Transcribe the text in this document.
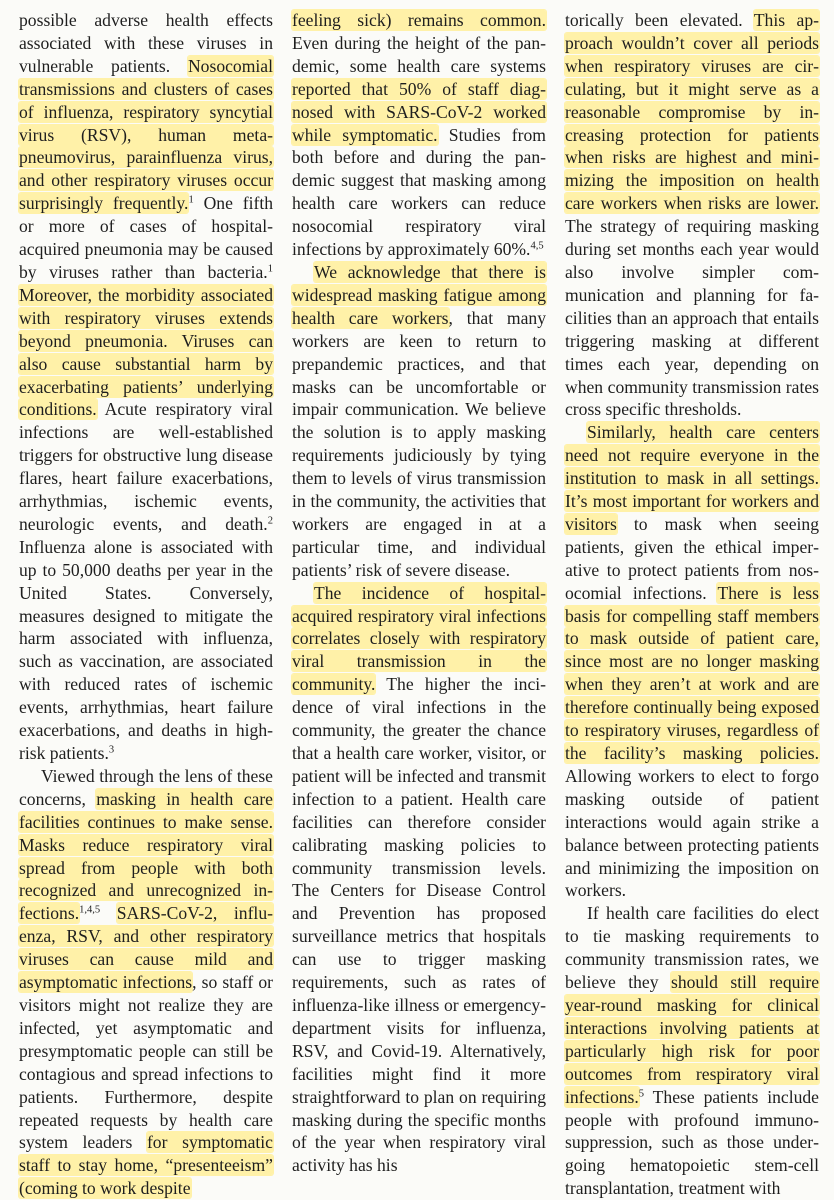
possible adverse health effects associated with these viruses in vulnerable patients. Nosocomial transmissions and clusters of cases of influenza, respiratory syncytial virus (RSV), human metapneumovirus, parainfluenza virus, and other respiratory viruses occur surprisingly frequently.$^1$ One fifth or more of cases of hospital-acquired pneumonia may be caused by viruses rather than bacteria.$^1$ Moreover, the morbidity associated with respiratory viruses extends beyond pneumonia. Viruses can also cause substantial harm by exacerbating patients’ underlying conditions. Acute respiratory viral infections are well-established triggers for obstructive lung disease flares, heart failure exacerbations, arrhythmias, ischemic events, neurologic events, and death.$^2$ Influenza alone is associated with up to 50,000 deaths per year in the United States. Conversely, measures designed to mitigate the harm associated with influenza, such as vaccination, are associated with reduced rates of ischemic events, arrhythmias, heart failure exacerbations, and deaths in high-risk patients.$^3$

Viewed through the lens of these concerns, masking in health care facilities continues to make sense. Masks reduce respiratory viral spread from people with both recognized and unrecognized infections.$^{1,4,5}$ SARS-CoV-2, influenza, RSV, and other respiratory viruses can cause mild and asymptomatic infections, so staff or visitors might not realize they are infected, yet asymptomatic and presymptomatic people can still be contagious and spread infections to patients. Furthermore, despite repeated requests by health care system leaders for symptomatic staff to stay home, “presenteeism” (coming to work despite

feeling sick) remains common. Even during the height of the pandemic, some health care systems reported that 50% of staff diagnosed with SARS-CoV-2 worked while symptomatic. Studies from both before and during the pandemic suggest that masking among health care workers can reduce nosocomial respiratory viral infections by approximately 60%.$^{4,5}$

We acknowledge that there is widespread masking fatigue among health care workers, that many workers are keen to return to prepandemic practices, and that masks can be uncomfortable or impair communication. We believe the solution is to apply masking requirements judiciously by tying them to levels of virus transmission in the community, the activities that workers are engaged in at a particular time, and individual patients’ risk of severe disease.

The incidence of hospital-acquired respiratory viral infections correlates closely with respiratory viral transmission in the community. The higher the incidence of viral infections in the community, the greater the chance that a health care worker, visitor, or patient will be infected and transmit infection to a patient. Health care facilities can therefore consider calibrating masking policies to community transmission levels. The Centers for Disease Control and Prevention has proposed surveillance metrics that hospitals can use to trigger masking requirements, such as rates of influenza-like illness or emergency-department visits for influenza, RSV, and Covid-19. Alternatively, facilities might find it more straightforward to plan on requiring masking during the specific months of the year when respiratory viral activity has his

torically been elevated. This approach wouldn’t cover all periods when respiratory viruses are circulating, but it might serve as a reasonable compromise by increasing protection for patients when risks are highest and minimizing the imposition on health care workers when risks are lower. The strategy of requiring masking during set months each year would also involve simpler communication and planning for facilities than an approach that entails triggering masking at different times each year, depending on when community transmission rates cross specific thresholds.

Similarly, health care centers need not require everyone in the institution to mask in all settings. It’s most important for workers and visitors to mask when seeing patients, given the ethical imperative to protect patients from nosocomial infections. There is less basis for compelling staff members to mask outside of patient care, since most are no longer masking when they aren’t at work and are therefore continually being exposed to respiratory viruses, regardless of the facility’s masking policies. Allowing workers to elect to forgo masking outside of patient interactions would again strike a balance between protecting patients and minimizing the imposition on workers.

If health care facilities do elect to tie masking requirements to community transmission rates, we believe they should still require year-round masking for clinical interactions involving patients at particularly high risk for poor outcomes from respiratory viral infections.$^5$ These patients include people with profound immunosuppression, such as those undergoing hematopoietic stem-cell transplantation, treatment with
